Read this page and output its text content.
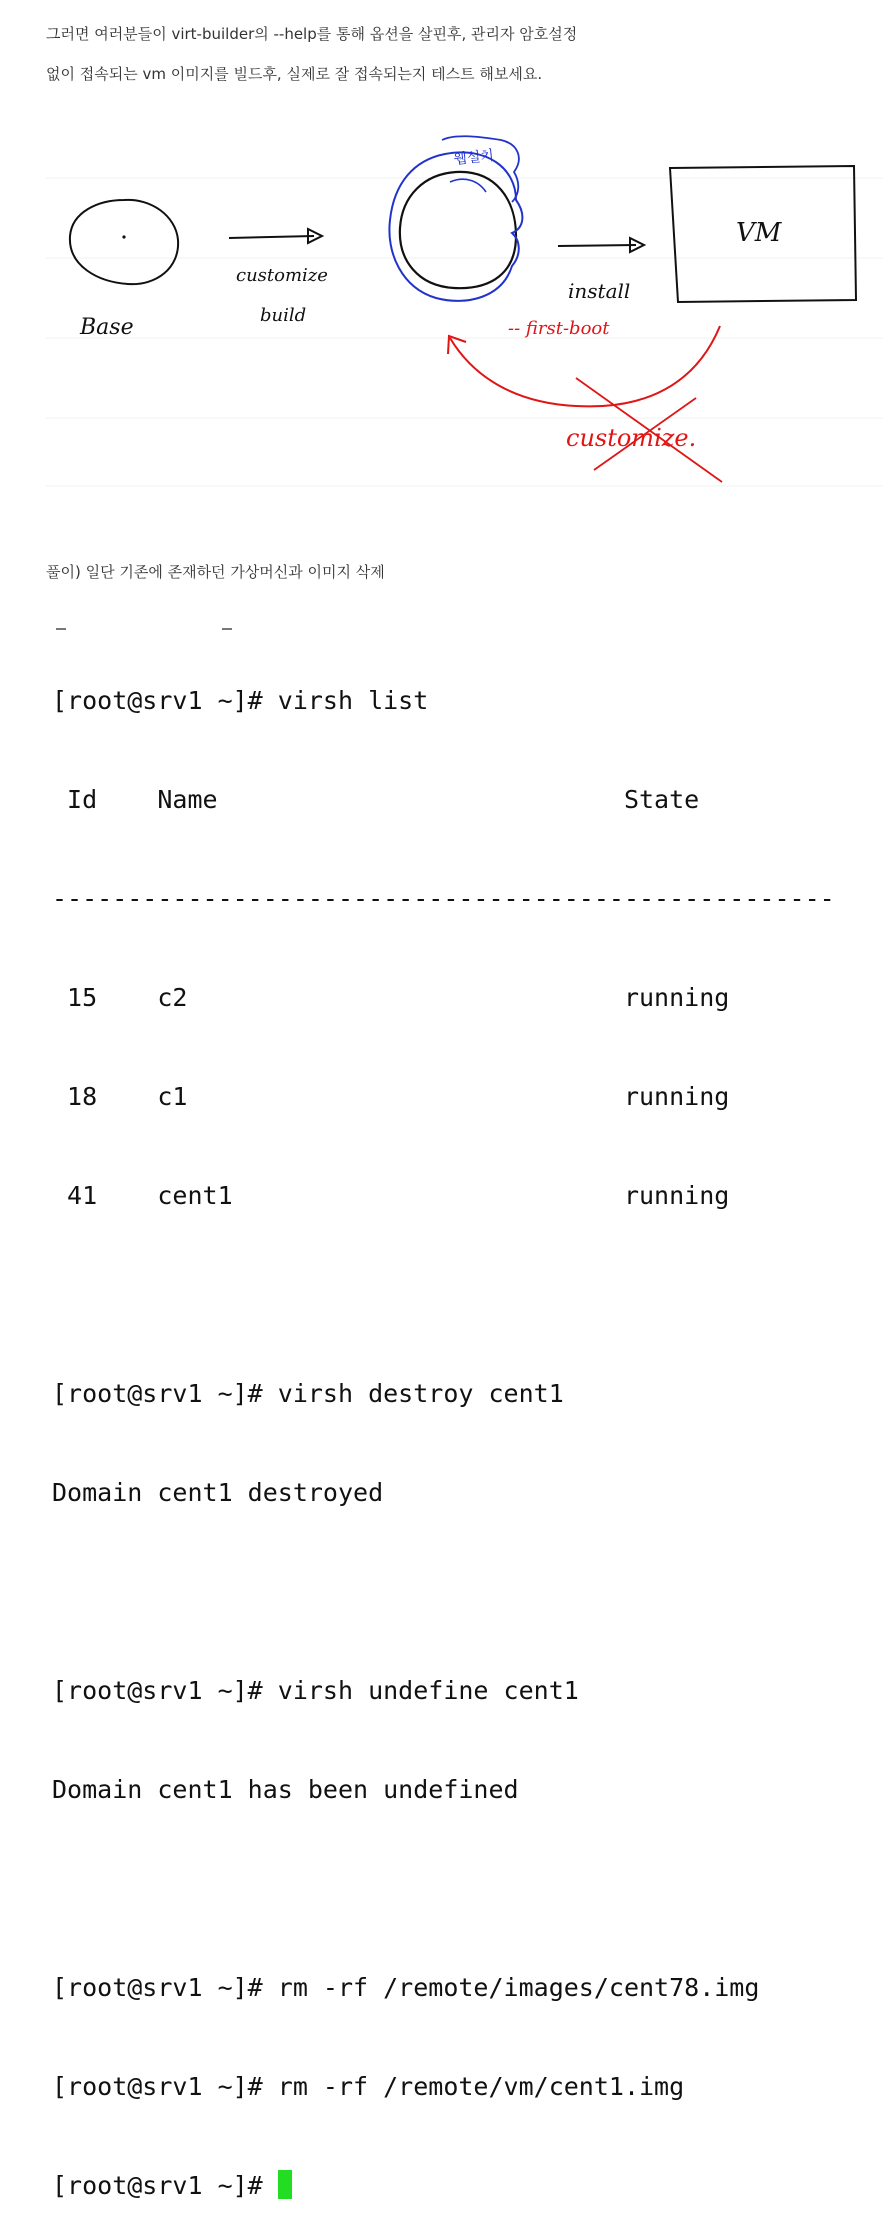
그러면 여러분들이 virt-builder의 --help를 통해 옵션을 살핀후, 관리자 암호설정
없이 접속되는 vm 이미지를 빌드후, 실제로 잘 접속되는지 테스트 해보세요.
Base
customize
build
웹설치
install
VM
-- first-boot
customize.
풀이) 일단 기존에 존재하던 가상머신과 이미지 삭제

[root@srv1 ~]# virsh list

Id    Name                           State

----------------------------------------------------

15    c2                             running

18    c1                             running

41    cent1                          running

[root@srv1 ~]# virsh destroy cent1

Domain cent1 destroyed

[root@srv1 ~]# virsh undefine cent1

Domain cent1 has been undefined

[root@srv1 ~]# rm -rf /remote/images/cent78.img

[root@srv1 ~]# rm -rf /remote/vm/cent1.img

[root@srv1 ~]#
